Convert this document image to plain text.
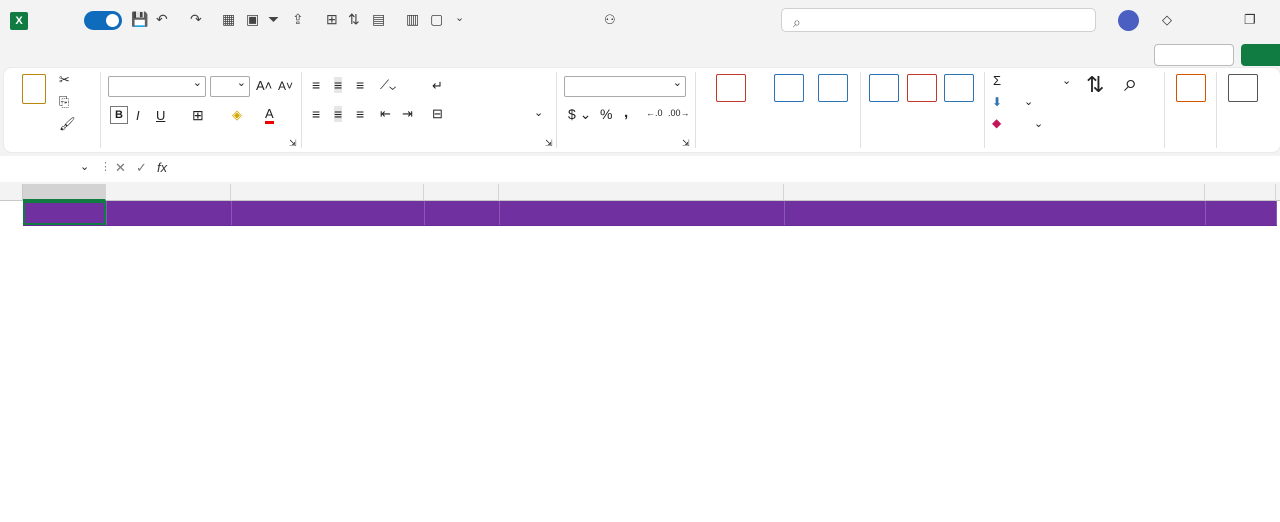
X	💾 ↶ ↷ ▦ ▣ ⏷ ⇪ ⊞ ⇅ ▤ ▥ ▢ ⌄	⚇	⌕	◇	❐
✂
⎘
🖌
⌄
⌄
A˄ A˅
B	I U ⊞ ◈ A
⇲
≡ ≡ ≡ ⟋⌄
≡ ≡ ≡ ⇤ ⇥
↵
⊟	⌄
⇲
⌄
$ ⌄ % , ←.0 .00→
⇲
Σ	⌄
⬇ ⌄
◆	⌄
⇅ ⌕
⌄ ⋮ ✕ ✓ fx
